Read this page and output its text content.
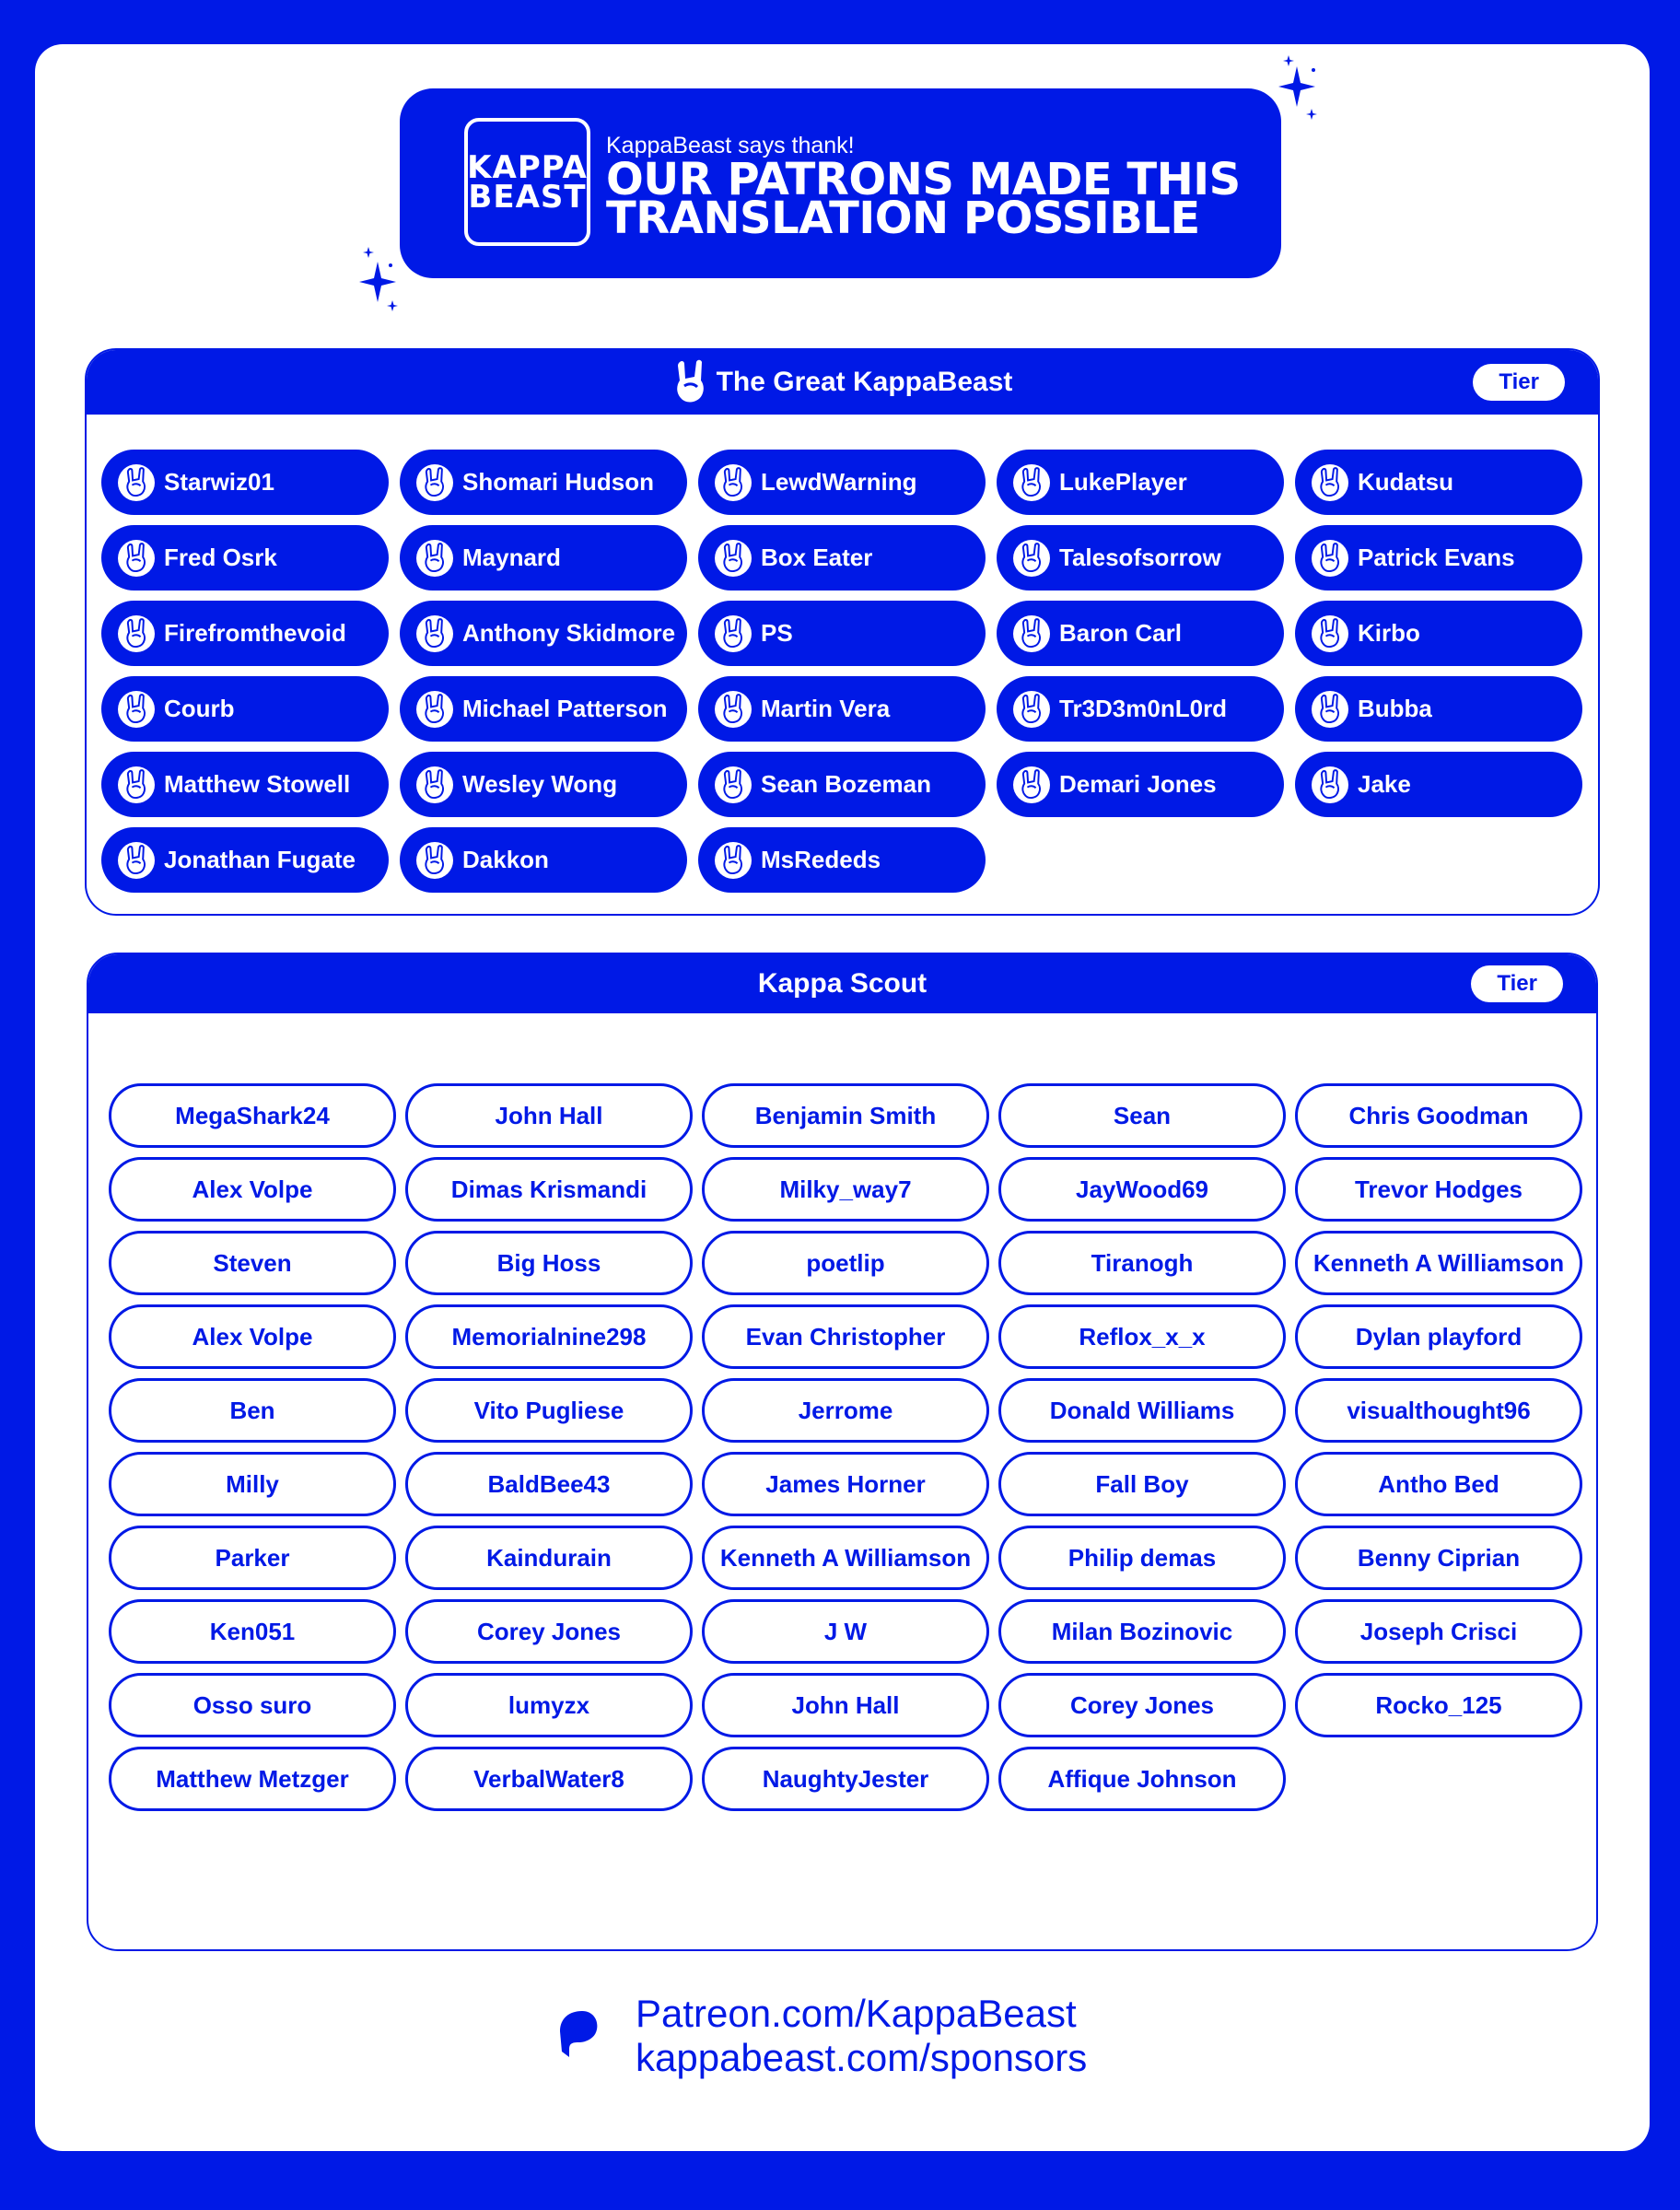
KAPPA
BEAST
KappaBeast says thank!
OUR PATRONS MADE THIS
TRANSLATION POSSIBLE
The Great KappaBeast	Tier
Starwiz01	Shomari Hudson	LewdWarning	LukePlayer	Kudatsu
Fred Osrk	Maynard	Box Eater	Talesofsorrow	Patrick Evans
Firefromthevoid	Anthony Skidmore	PS	Baron Carl	Kirbo
Courb	Michael Patterson	Martin Vera	Tr3D3m0nL0rd	Bubba
Matthew Stowell	Wesley Wong	Sean Bozeman	Demari Jones	Jake
Jonathan Fugate	Dakkon	MsRededs
Kappa Scout	Tier
MegaShark24	John Hall	Benjamin Smith	Sean	Chris Goodman
Alex Volpe	Dimas Krismandi	Milky_way7	JayWood69	Trevor Hodges
Steven	Big Hoss	poetlip	Tiranogh	Kenneth A Williamson
Alex Volpe	Memorialnine298	Evan Christopher	Reflox_x_x	Dylan playford
Ben	Vito Pugliese	Jerrome	Donald Williams	visualthought96
Milly	BaldBee43	James Horner	Fall Boy	Antho Bed
Parker	Kaindurain	Kenneth A Williamson	Philip demas	Benny Ciprian
Ken051	Corey Jones	J W	Milan Bozinovic	Joseph Crisci
Osso suro	lumyzx	John Hall	Corey Jones	Rocko_125
Matthew Metzger	VerbalWater8	NaughtyJester	Affique Johnson
Patreon.com/KappaBeast
kappabeast.com/sponsors
